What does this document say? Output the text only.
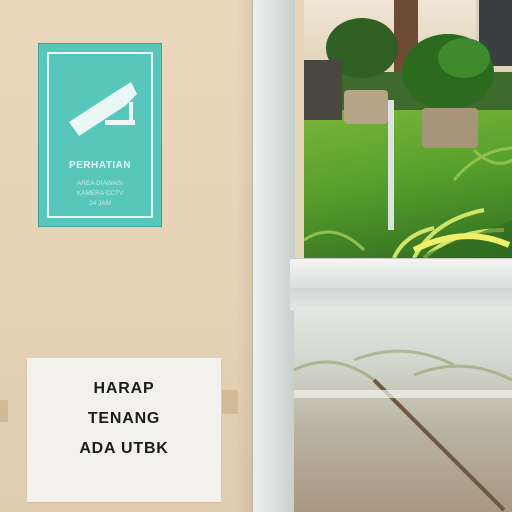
PERHATIAN
AREA DIAWASI
KAMERA CCTV
24 JAM
HARAP
TENANG
ADA UTBK
